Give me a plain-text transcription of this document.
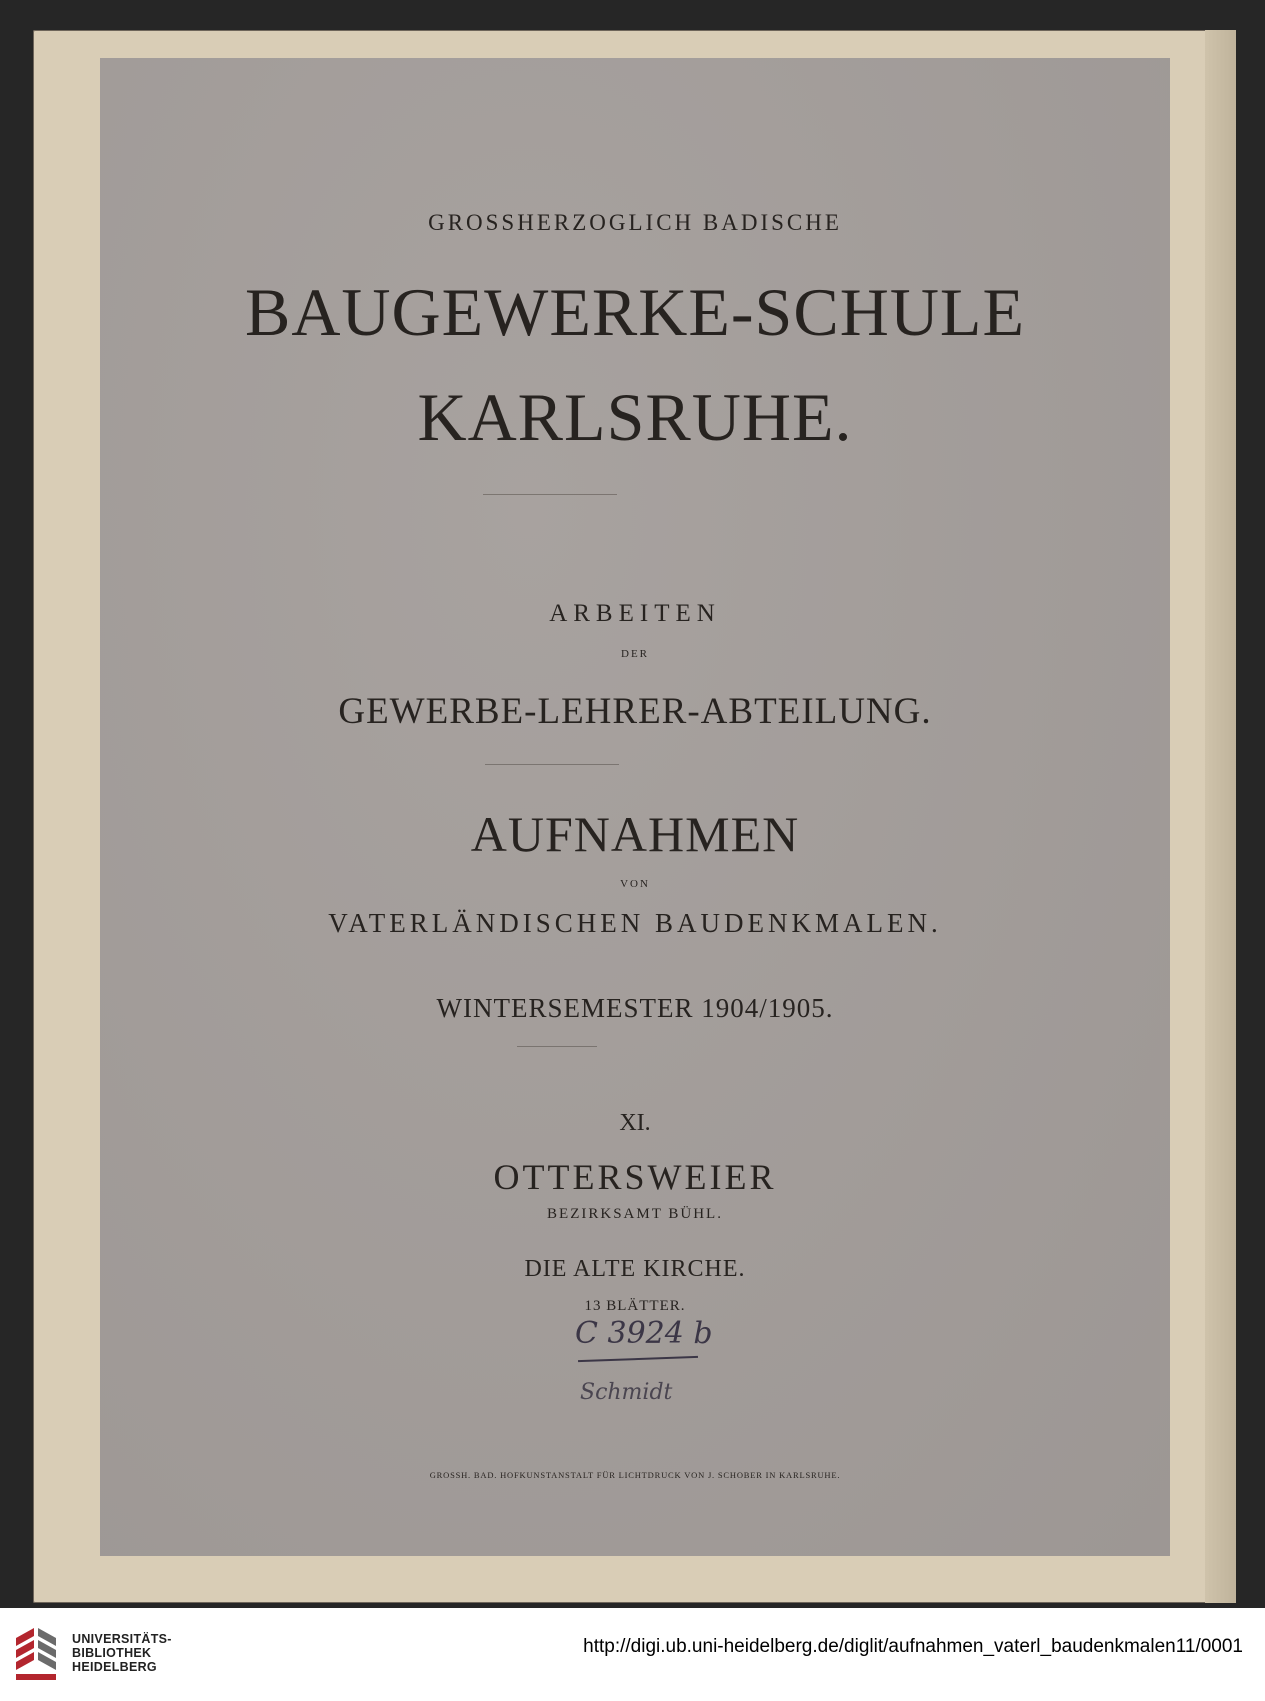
GROSSHERZOGLICH BADISCHE
BAUGEWERKE-SCHULE
KARLSRUHE.
ARBEITEN
DER
GEWERBE-LEHRER-ABTEILUNG.
AUFNAHMEN
VON
VATERLÄNDISCHEN BAUDENKMALEN.
WINTERSEMESTER 1904/1905.
XI.
OTTERSWEIER
BEZIRKSAMT BÜHL.
DIE ALTE KIRCHE.
13 BLÄTTER.
C 3924 b
Schmidt
GROSSH. BAD. HOFKUNSTANSTALT FÜR LICHTDRUCK VON J. SCHOBER IN KARLSRUHE.
UNIVERSITÄTS-
BIBLIOTHEK
HEIDELBERG
http://digi.ub.uni-heidelberg.de/diglit/aufnahmen_vaterl_baudenkmalen11/0001
